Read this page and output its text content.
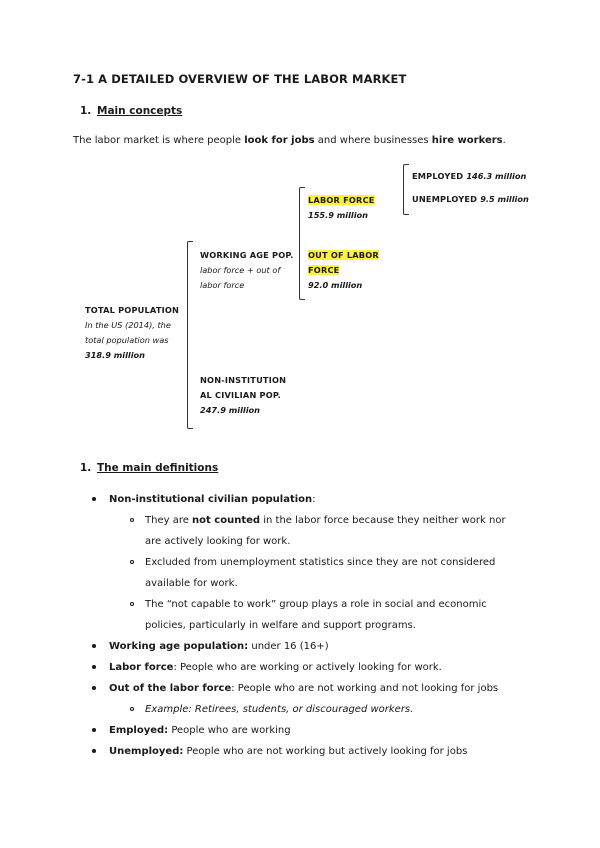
7-1 A DETAILED OVERVIEW OF THE LABOR MARKET
1. Main concepts
The labor market is where people look for jobs and where businesses hire workers.
TOTAL POPULATION
In the US (2014), the
total population was
318.9 million
WORKING AGE POP.
labor force + out of
labor force
NON-INSTITUTION
AL CIVILIAN POP.
247.9 million
LABOR FORCE
155.9 million
OUT OF LABOR
FORCE
92.0 million
EMPLOYED 146.3 million
UNEMPLOYED 9.5 million
1. The main definitions
Non-institutional civilian population:
They are not counted in the labor force because they neither work nor
are actively looking for work.
Excluded from unemployment statistics since they are not considered
available for work.
The “not capable to work” group plays a role in social and economic
policies, particularly in welfare and support programs.
Working age population: under 16 (16+)
Labor force: People who are working or actively looking for work.
Out of the labor force: People who are not working and not looking for jobs
Example: Retirees, students, or discouraged workers.
Employed: People who are working
Unemployed: People who are not working but actively looking for jobs
